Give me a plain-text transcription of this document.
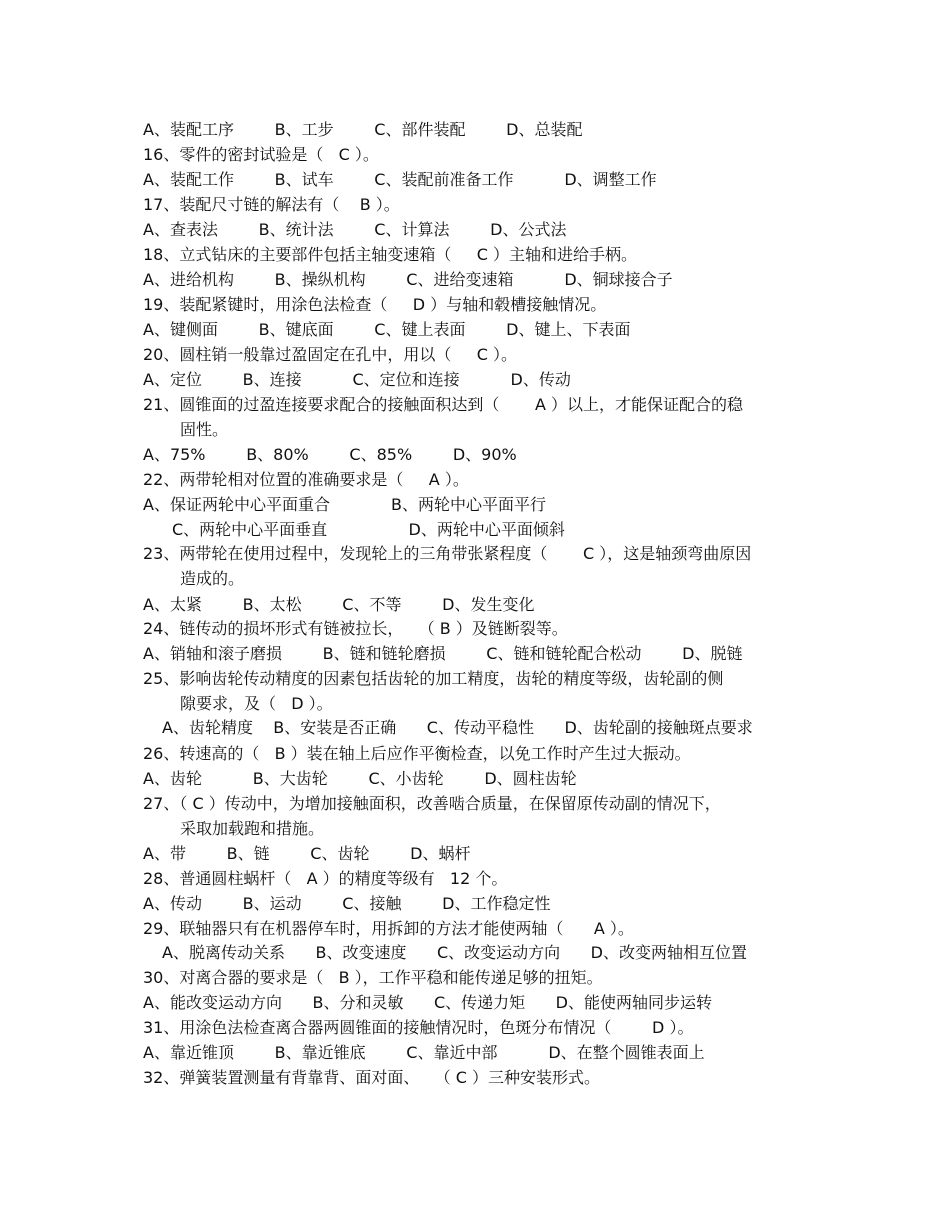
A、装配工序        B、工步        C、部件装配        D、总装配
16、零件的密封试验是（   C ）。
A、装配工作        B、试车        C、装配前准备工作          D、调整工作
17、装配尺寸链的解法有（    B ）。
A、查表法        B、统计法        C、计算法        D、公式法
18、立式钻床的主要部件包括主轴变速箱（     C ）主轴和进给手柄。
A、进给机构        B、操纵机构        C、进给变速箱          D、铜球接合子
19、装配紧键时，用涂色法检查（     D ）与轴和毂槽接触情况。
A、键侧面        B、键底面        C、键上表面        D、键上、下表面
20、圆柱销一般靠过盈固定在孔中，用以（     C ）。
A、定位        B、连接          C、定位和连接          D、传动
21、圆锥面的过盈连接要求配合的接触面积达到（       A ）以上，才能保证配合的稳
固性。
A、75%        B、80%        C、85%        D、90%
22、两带轮相对位置的准确要求是（     A ）。
A、保证两轮中心平面重合            B、两轮中心平面平行
C、两轮中心平面垂直                D、两轮中心平面倾斜
23、两带轮在使用过程中，发现轮上的三角带张紧程度（       C ），这是轴颈弯曲原因
造成的。
A、太紧        B、太松        C、不等        D、发生变化
24、链传动的损坏形式有链被拉长，   （ B ）及链断裂等。
A、销轴和滚子磨损        B、链和链轮磨损        C、链和链轮配合松动        D、脱链
25、影响齿轮传动精度的因素包括齿轮的加工精度，齿轮的精度等级，齿轮副的侧
隙要求，及（   D ）。
A、齿轮精度    B、安装是否正确      C、传动平稳性      D、齿轮副的接触斑点要求
26、转速高的（   B ）装在轴上后应作平衡检查，以免工作时产生过大振动。
A、齿轮          B、大齿轮        C、小齿轮        D、圆柱齿轮
27、（ C ）传动中，为增加接触面积，改善啮合质量，在保留原传动副的情况下，
采取加载跑和措施。
A、带        B、链        C、齿轮        D、蜗杆
28、普通圆柱蜗杆（   A ）的精度等级有   12 个。
A、传动        B、运动        C、接触        D、工作稳定性
29、联轴器只有在机器停车时，用拆卸的方法才能使两轴（      A ）。
A、脱离传动关系      B、改变速度      C、改变运动方向      D、改变两轴相互位置
30、对离合器的要求是（   B ），工作平稳和能传递足够的扭矩。
A、能改变运动方向      B、分和灵敏      C、传递力矩      D、能使两轴同步运转
31、用涂色法检查离合器两圆锥面的接触情况时，色斑分布情况（        D ）。
A、靠近锥顶        B、靠近锥底        C、靠近中部          D、在整个圆锥表面上
32、弹簧装置测量有背靠背、面对面、   （ C ）三种安装形式。
